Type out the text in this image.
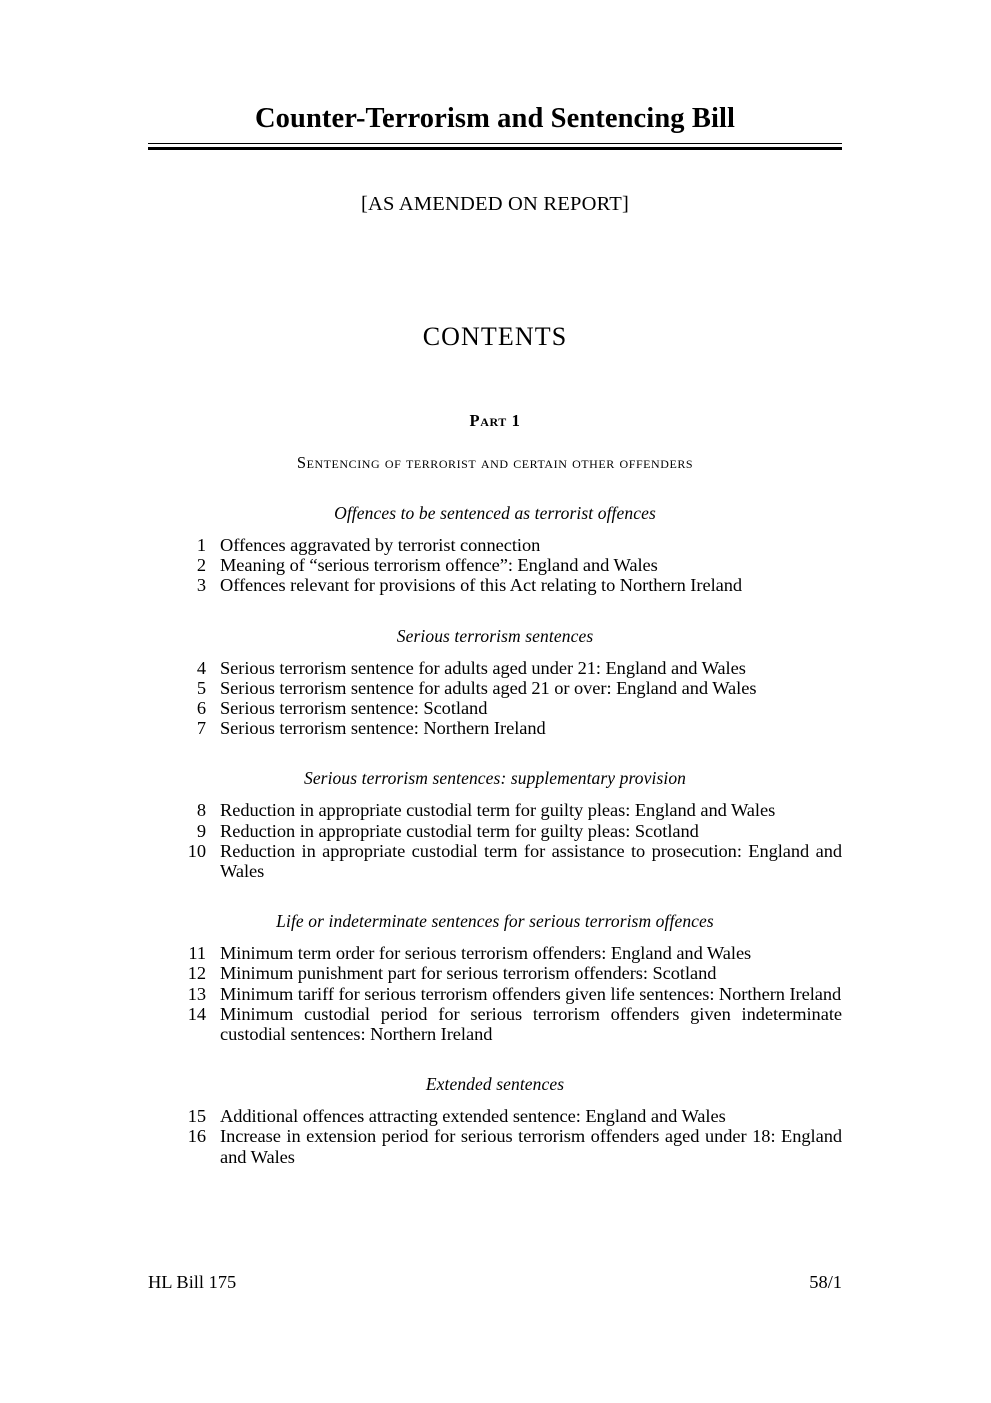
Counter-Terrorism and Sentencing Bill

[AS AMENDED ON REPORT]

CONTENTS
Part 1
Sentencing of terrorist and certain other offenders
Offences to be sentenced as terrorist offences
1 Offences aggravated by terrorist connection
2 Meaning of “serious terrorism offence”: England and Wales
3 Offences relevant for provisions of this Act relating to Northern Ireland
Serious terrorism sentences
4 Serious terrorism sentence for adults aged under 21: England and Wales
5 Serious terrorism sentence for adults aged 21 or over: England and Wales
6 Serious terrorism sentence: Scotland
7 Serious terrorism sentence: Northern Ireland
Serious terrorism sentences: supplementary provision
8 Reduction in appropriate custodial term for guilty pleas: England and Wales
9 Reduction in appropriate custodial term for guilty pleas: Scotland
10 Reduction in appropriate custodial term for assistance to prosecution: England and Wales
Life or indeterminate sentences for serious terrorism offences
11 Minimum term order for serious terrorism offenders: England and Wales
12 Minimum punishment part for serious terrorism offenders: Scotland
13 Minimum tariff for serious terrorism offenders given life sentences: Northern Ireland
14 Minimum custodial period for serious terrorism offenders given indeterminate custodial sentences: Northern Ireland
Extended sentences
15 Additional offences attracting extended sentence: England and Wales
16 Increase in extension period for serious terrorism offenders aged under 18: England and Wales
HL Bill 175	58/1
